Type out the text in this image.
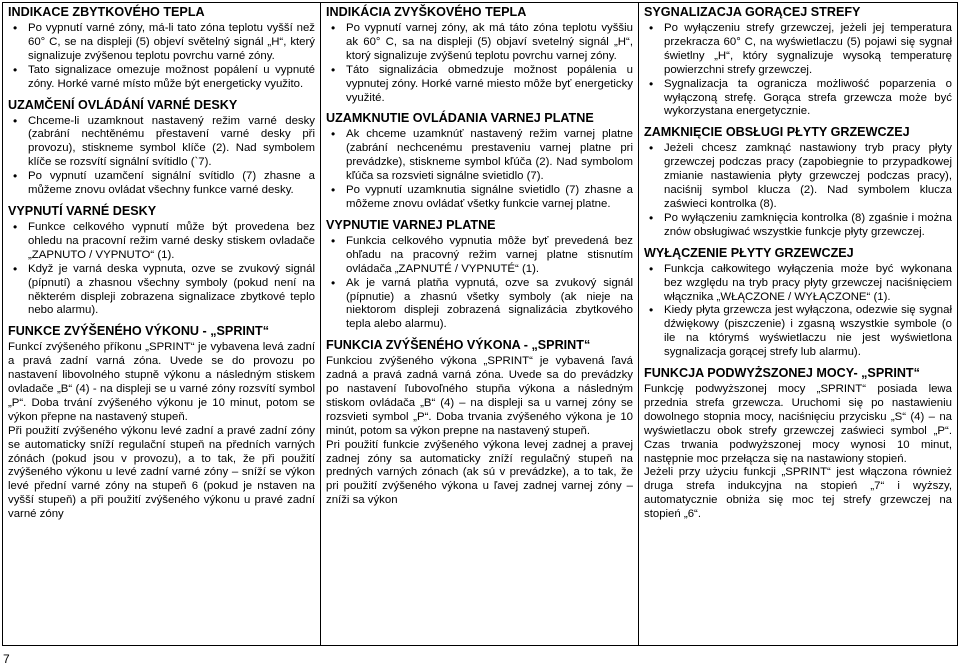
INDIKACE ZBYTKOVÉHO TEPLA
• Po vypnutí varné zóny, má-li tato zóna teplotu vyšší než 60° C, se na displeji (5) objeví světelný signál „H“, který signalizuje zvýšenou teplotu povrchu varné zóny.
• Tato signalizace omezuje možnost popálení u vypnuté zóny. Horké varné místo může být energeticky využito.
UZAMČENÍ OVLÁDÁNÍ VARNÉ DESKY
• Chceme-li uzamknout nastavený režim varné desky (zabrání nechtěnému přestavení varné desky při provozu), stiskneme symbol klíče (2). Nad symbolem klíče se rozsvítí signální svítidlo (`7).
• Po vypnutí uzamčení signální svítidlo (7) zhasne a můžeme znovu ovládat všechny funkce varné desky.
VYPNUTÍ VARNÉ DESKY
• Funkce celkového vypnutí může být provedena bez ohledu na pracovní režim varné desky stiskem ovladače „ZAPNUTO / VYPNUTO“ (1).
• Když je varná deska vypnuta, ozve se zvukový signál (pípnutí) a zhasnou všechny symboly (pokud není na některém displeji zobrazena signalizace zbytkové teplo nebo alarmu).
FUNKCE ZVÝŠENÉHO VÝKONU - „SPRINT“

Funkcí zvýšeného příkonu „SPRINT“ je vybavena levá zadní a pravá zadní varná zóna. Uvede se do provozu po nastavení libovolného stupně výkonu a následným stiskem ovladače „B“ (4) - na displeji se u varné zóny rozsvítí symbol „P“. Doba trvání zvýšeného výkonu je 10 minut, potom se výkon přepne na nastavený stupeň.

Při použití zvýšeného výkonu levé zadní a pravé zadní zóny se automaticky sníží regulační stupeň na předních varných zónách (pokud jsou v provozu), a to tak, že při použití zvýšeného výkonu u levé zadní varné zóny – sníží se výkon levé přední varné zóny na stupeň 6 (pokud je nstaven na vyšší stupeň) a při použití zvýšeného výkonu u pravé zadní varné zóny

INDIKÁCIA ZVYŠKOVÉHO TEPLA
• Po vypnutí varnej zóny, ak má táto zóna teplotu vyššiu ak 60° C, sa na displeji (5) objaví svetelný signál „H“, ktorý signalizuje zvýšenú teplotu povrchu varnej zóny.
• Táto signalizácia obmedzuje možnost popálenia u vypnutej zóny. Horké varné miesto môže byť energeticky využité.
UZAMKNUTIE OVLÁDANIA VARNEJ PLATNE
• Ak chceme uzamknúť nastavený režim varnej platne (zabrání nechcenému prestaveniu varnej platne pri prevádzke), stiskneme symbol kľúča (2). Nad symbolom kľúča sa rozsvieti signálne svietidlo (7).
• Po vypnutí uzamknutia signálne svietidlo (7) zhasne a môžeme znovu ovládať všetky funkcie varnej platne.
VYPNUTIE VARNEJ PLATNE
• Funkcia celkového vypnutia môže byť prevedená bez ohľadu na pracovný režim varnej platne stisnutím ovládača „ZAPNUTÉ / VYPNUTÉ“ (1).
• Ak je varná platňa vypnutá, ozve sa zvukový signál (pípnutie) a zhasnú všetky symboly (ak nieje na niektorom displeji zobrazená signalizácia zbytkového tepla alebo alarmu).
FUNKCIA ZVÝŠENÉHO VÝKONA - „SPRINT“

Funkciou zvýšeného výkona „SPRINT“ je vybavená ľavá zadná a pravá zadná varná zóna. Uvede sa do prevádzky po nastavení ľubovoľného stupňa výkona a následným stiskom ovládača „B“ (4) – na displeji sa u varnej zóny se rozsvieti symbol „P“. Doba trvania zvýšeného výkona je 10 minút, potom sa výkon prepne na nastavený stupeň.

Pri použití funkcie zvýšeného výkona levej zadnej a pravej zadnej zóny sa automaticky zníží regulačný stupeň na predných varných zónach (ak sú v prevádzke), a to tak, že pri použití zvýšeného výkona u ľavej zadnej varnej zóny – zníži sa výkon

SYGNALIZACJA GORĄCEJ STREFY
• Po wyłączeniu strefy grzewczej, jeżeli jej temperatura przekracza 60° C, na wyświetlaczu (5) pojawi się sygnał świetlny „H“, który sygnalizuje wysoką temperaturę powierzchni strefy grzewczej.
• Sygnalizacja ta ogranicza możliwość poparzenia o wyłączoną strefę. Gorąca strefa grzewcza może być wykorzystana energetycznie.
ZAMKNIĘCIE OBSŁUGI PŁYTY GRZEWCZEJ
• Jeżeli chcesz zamknąć nastawiony tryb pracy płyty grzewczej podczas pracy (zapobiegnie to przypadkowej zmianie nastawienia płyty grzewczej podczas pracy), naciśnij symbol klucza (2). Nad symbolem klucza zaświeci kontrolka (8).
• Po wyłączeniu zamknięcia kontrolka (8) zgaśnie i można znów obsługiwać wszystkie funkcje płyty grzewczej.
WYŁĄCZENIE PŁYTY GRZEWCZEJ
• Funkcja całkowitego wyłączenia może być wykonana bez względu na tryb pracy płyty grzewczej naciśnięciem włącznika „WŁĄCZONE / WYŁĄCZONE“ (1).
• Kiedy płyta grzewcza jest wyłączona, odezwie się sygnał dźwiękowy (piszczenie) i zgasną wszystkie symbole (o ile na którymś wyświetlaczu nie jest wyświetlona sygnalizacja gorącej strefy lub alarmu).
FUNKCJA PODWYŻSZONEJ MOCY- „SPRINT“

Funkcję podwyższonej mocy „SPRINT“ posiada lewa przednia strefa grzewcza. Uruchomi się po nastawieniu dowolnego stopnia mocy, naciśnięciu przycisku „S“ (4) – na wyświetlaczu obok strefy grzewczej zaświeci symbol „P“. Czas trwania podwyższonej mocy wynosi 10 minut, następnie moc przełącza się na nastawiony stopień.

Jeżeli przy użyciu funkcji „SPRINT“ jest włączona również druga strefa indukcyjna na stopień „7“ i wyższy, automatycznie obniża się moc tej strefy grzewczej na stopień „6“.

7
